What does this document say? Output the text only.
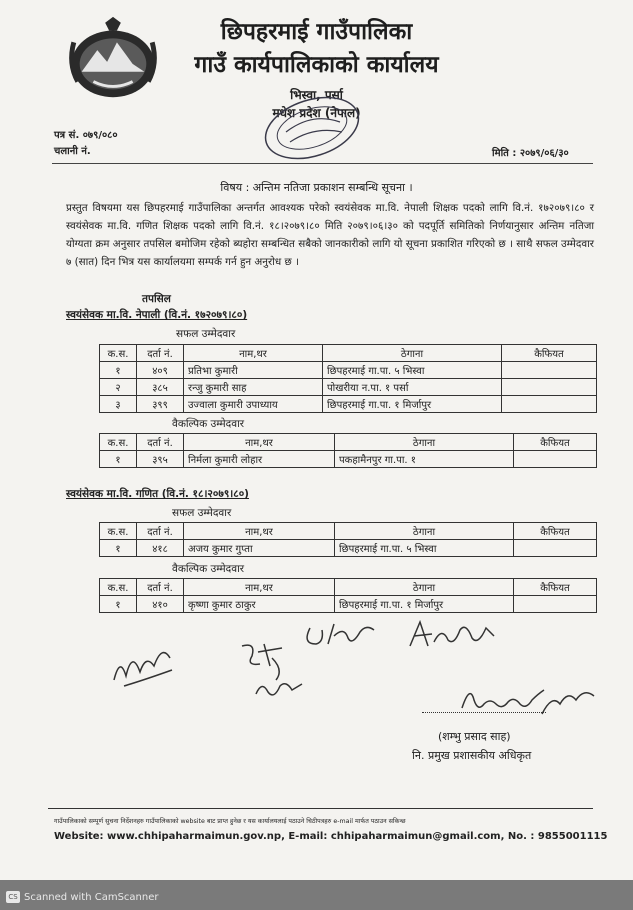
छिपहरमाई गाउँपालिका
गाउँ कार्यपालिकाको कार्यालय
भिस्वा, पर्सा
मधेश प्रदेश (नेपाल)
पत्र सं. ०७९/०८०
चलानी नं.	मिति : २०७९/०६/३०
विषय : अन्तिम नतिजा प्रकाशन सम्बन्धि सूचना ।
प्रस्तुत विषयमा यस छिपहरमाई गाउँपालिका अन्तर्गत आवश्यक परेको स्वयंसेवक मा.वि. नेपाली शिक्षक पदको लागि वि.नं. १७२०७९।८० र स्वयंसेवक मा.वि. गणित शिक्षक पदको लागि वि.नं. १८।२०७९।८० मिति २०७९।०६।३० को पदपूर्ति समितिको निर्णयानुसार अन्तिम नतिजा योग्यता क्रम अनुसार तपसिल बमोजिम रहेको ब्यहोरा सम्बन्धित सबैको जानकारीको लागि यो सूचना प्रकाशित गरिएको छ । साथै सफल उम्मेदवार ७ (सात) दिन भित्र यस कार्यालयमा सम्पर्क गर्न हुन अनुरोध छ ।
तपसिल
स्वयंसेवक मा.वि. नेपाली (वि.नं. १७२०७९।८०)
सफल उम्मेदवार
क.स.	दर्ता नं.	नाम,थर	ठेगाना	कैफियत
१	४०९	प्रतिभा कुमारी	छिपहरमाई गा.पा. ५ भिस्वा	
२	३८५	रन्जु कुमारी साह	पोखरीया न.पा. १ पर्सा	
३	३९९	उज्वाला कुमारी उपाध्याय	छिपहरमाई गा.पा. १ मिर्जापुर	
वैकल्पिक उम्मेदवार
क.स.	दर्ता नं.	नाम,थर	ठेगाना	कैफियत
१	३९५	निर्मला कुमारी लोहार	पकहामैनपुर गा.पा. १	
स्वयंसेवक मा.वि. गणित (वि.नं. १८।२०७९।८०)
सफल उम्मेदवार
क.स.	दर्ता नं.	नाम,थर	ठेगाना	कैफियत
१	४१८	अजय कुमार गुप्ता	छिपहरमाई गा.पा. ५ भिस्वा	
वैकल्पिक उम्मेदवार
क.स.	दर्ता नं.	नाम,थर	ठेगाना	कैफियत
१	४१०	कृष्णा कुमार ठाकुर	छिपहरमाई गा.पा. १ मिर्जापुर	
(शम्भु प्रसाद साह)
नि. प्रमुख प्रशासकीय अधिकृत
गाउँपालिकाको सम्पूर्ण सुचना निर्देशनहरु गाउँपालिकाको website बाट प्राप्त हुनेछ र यस कार्यालयलाई पठाउने चिठीपत्रहरु e-mail मार्फत पठाउन सकिन्छ
Website: www.chhipaharmaimun.gov.np, E-mail: chhipaharmaimun@gmail.com, No. : 9855001115
CS Scanned with CamScanner
